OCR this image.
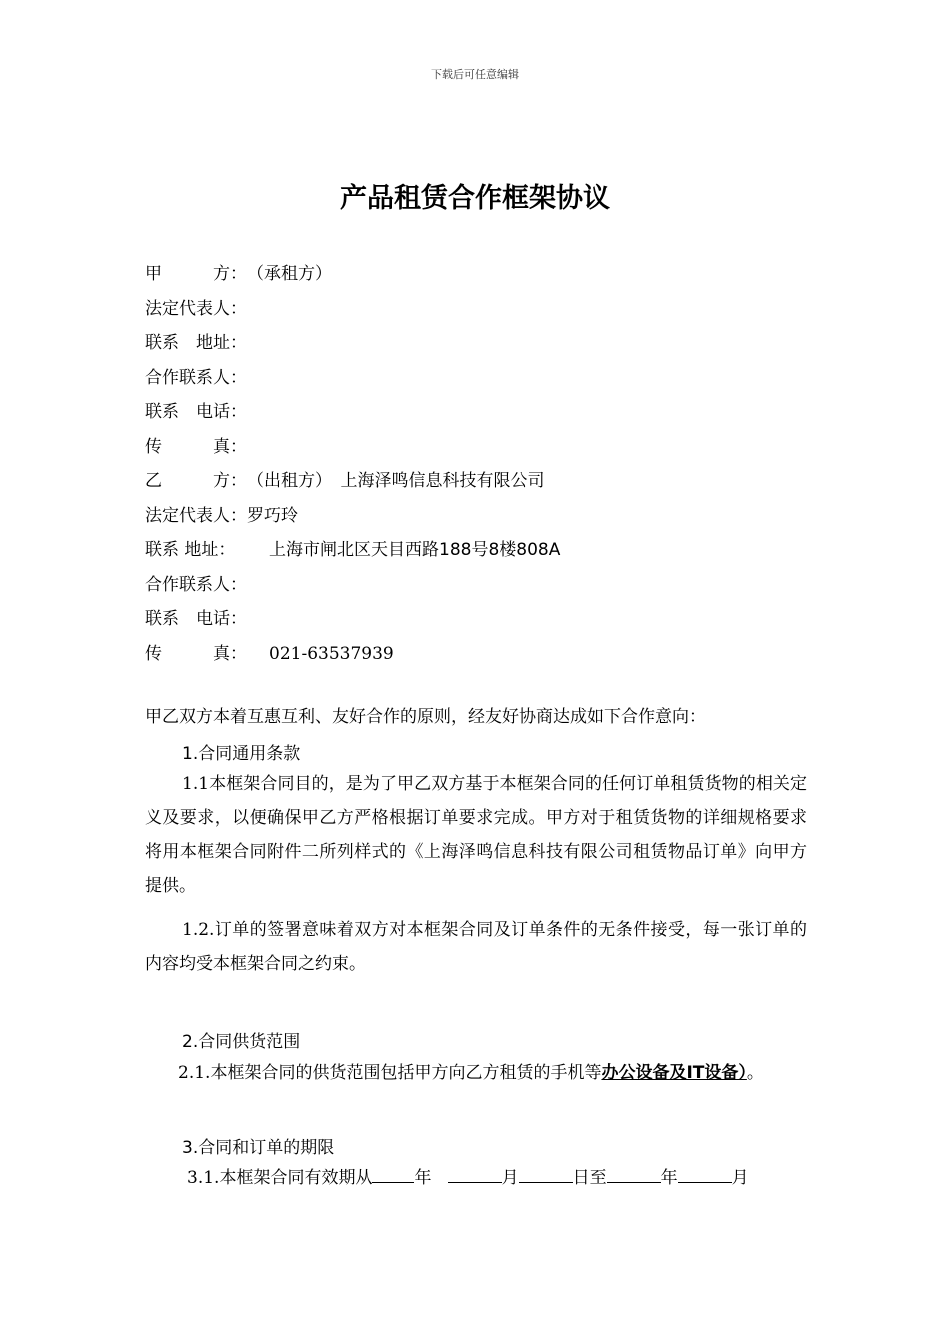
下载后可任意编辑
产品租赁合作框架协议
甲　　　方：（承租方）
法定代表人：
联系　地址：
合作联系人：
联系　电话：
传　　　真：
乙　　　方：（出租方）　上海泽鸣信息科技有限公司
法定代表人：罗巧玲
联系 地址： 上海市闸北区天目西路188号8楼808A
合作联系人：
联系　电话：
传　　　真： 021-63537939
甲乙双方本着互惠互利、友好合作的原则，经友好协商达成如下合作意向：
1.合同通用条款
1.1本框架合同目的，是为了甲乙双方基于本框架合同的任何订单租赁货物的相关定义及要求，以便确保甲乙方严格根据订单要求完成。甲方对于租赁货物的详细规格要求将用本框架合同附件二所列样式的《上海泽鸣信息科技有限公司租赁物品订单》向甲方提供。
1.2.订单的签署意味着双方对本框架合同及订单条件的无条件接受，每一张订单的内容均受本框架合同之约束。
2.合同供货范围
2.1.本框架合同的供货范围包括甲方向乙方租赁的手机等办公设备及IT设备）。
3.合同和订单的期限
3.1.本框架合同有效期从 年	月	日至	年	月
